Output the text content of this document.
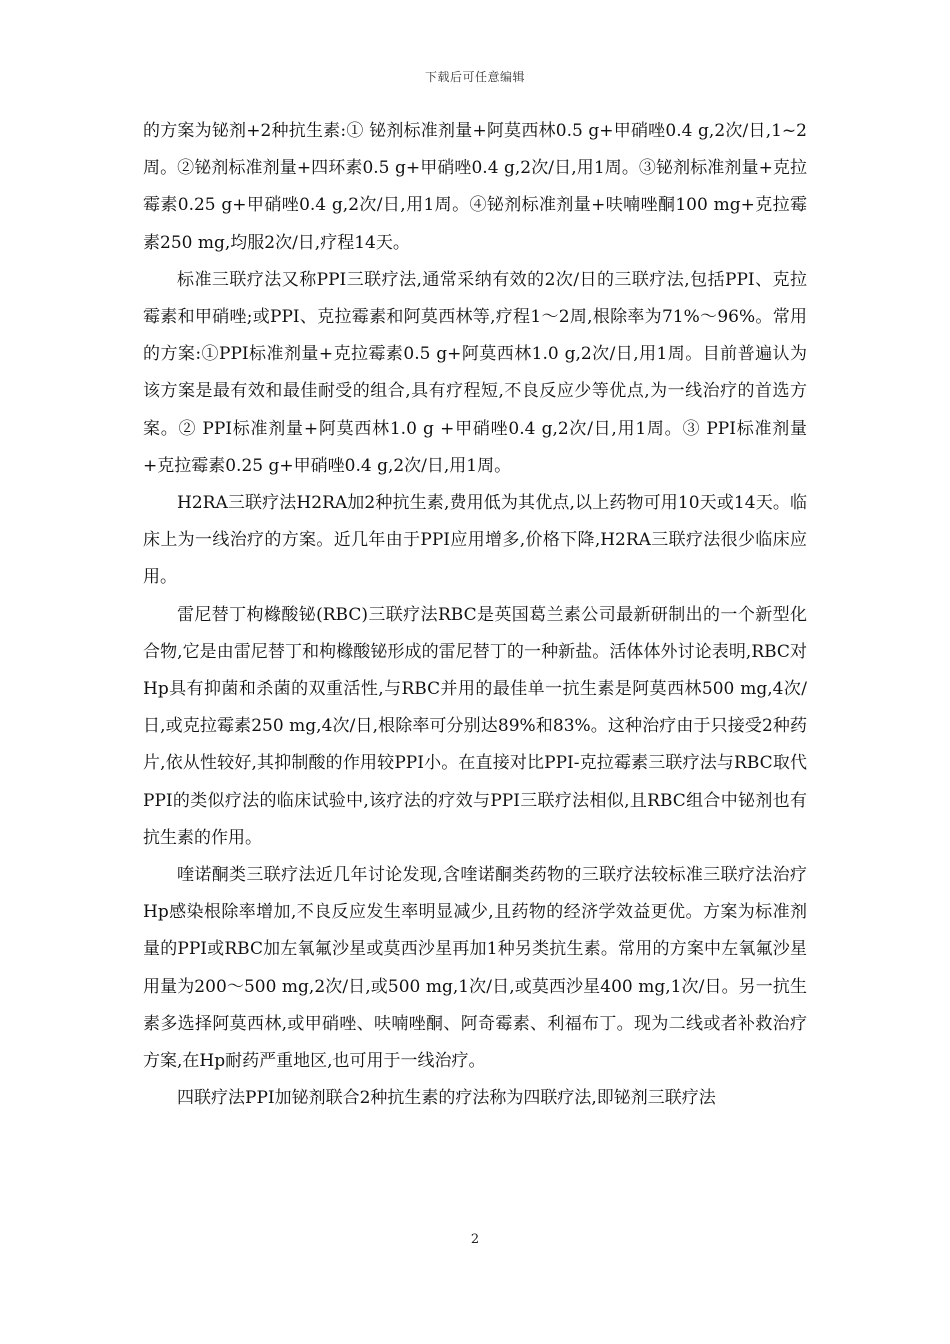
下载后可任意编辑

的方案为铋剂+2种抗生素:① 铋剂标准剂量+阿莫西林0.5 g+甲硝唑0.4 g,2次/日,1~2周。②铋剂标准剂量+四环素0.5 g+甲硝唑0.4 g,2次/日,用1周。③铋剂标准剂量+克拉霉素0.25 g+甲硝唑0.4 g,2次/日,用1周。④铋剂标准剂量+呋喃唑酮100 mg+克拉霉素250 mg,均服2次/日,疗程14天。

标准三联疗法又称PPI三联疗法,通常采纳有效的2次/日的三联疗法,包括PPI、克拉霉素和甲硝唑;或PPI、克拉霉素和阿莫西林等,疗程1～2周,根除率为71%～96%。常用的方案:①PPI标准剂量+克拉霉素0.5 g+阿莫西林1.0 g,2次/日,用1周。目前普遍认为该方案是最有效和最佳耐受的组合,具有疗程短,不良反应少等优点,为一线治疗的首选方案。② PPI标准剂量+阿莫西林1.0 g +甲硝唑0.4 g,2次/日,用1周。③ PPI标准剂量+克拉霉素0.25 g+甲硝唑0.4 g,2次/日,用1周。

H2RA三联疗法H2RA加2种抗生素,费用低为其优点,以上药物可用10天或14天。临床上为一线治疗的方案。近几年由于PPI应用增多,价格下降,H2RA三联疗法很少临床应用。

雷尼替丁枸橼酸铋(RBC)三联疗法RBC是英国葛兰素公司最新研制出的一个新型化合物,它是由雷尼替丁和枸橼酸铋形成的雷尼替丁的一种新盐。活体体外讨论表明,RBC对Hp具有抑菌和杀菌的双重活性,与RBC并用的最佳单一抗生素是阿莫西林500 mg,4次/日,或克拉霉素250 mg,4次/日,根除率可分别达89%和83%。这种治疗由于只接受2种药片,依从性较好,其抑制酸的作用较PPI小。在直接对比PPI-克拉霉素三联疗法与RBC取代PPI的类似疗法的临床试验中,该疗法的疗效与PPI三联疗法相似,且RBC组合中铋剂也有抗生素的作用。

喹诺酮类三联疗法近几年讨论发现,含喹诺酮类药物的三联疗法较标准三联疗法治疗Hp感染根除率增加,不良反应发生率明显减少,且药物的经济学效益更优。方案为标准剂量的PPI或RBC加左氧氟沙星或莫西沙星再加1种另类抗生素。常用的方案中左氧氟沙星用量为200～500 mg,2次/日,或500 mg,1次/日,或莫西沙星400 mg,1次/日。另一抗生素多选择阿莫西林,或甲硝唑、呋喃唑酮、阿奇霉素、利福布丁。现为二线或者补救治疗方案,在Hp耐药严重地区,也可用于一线治疗。

四联疗法PPI加铋剂联合2种抗生素的疗法称为四联疗法,即铋剂三联疗法

2
